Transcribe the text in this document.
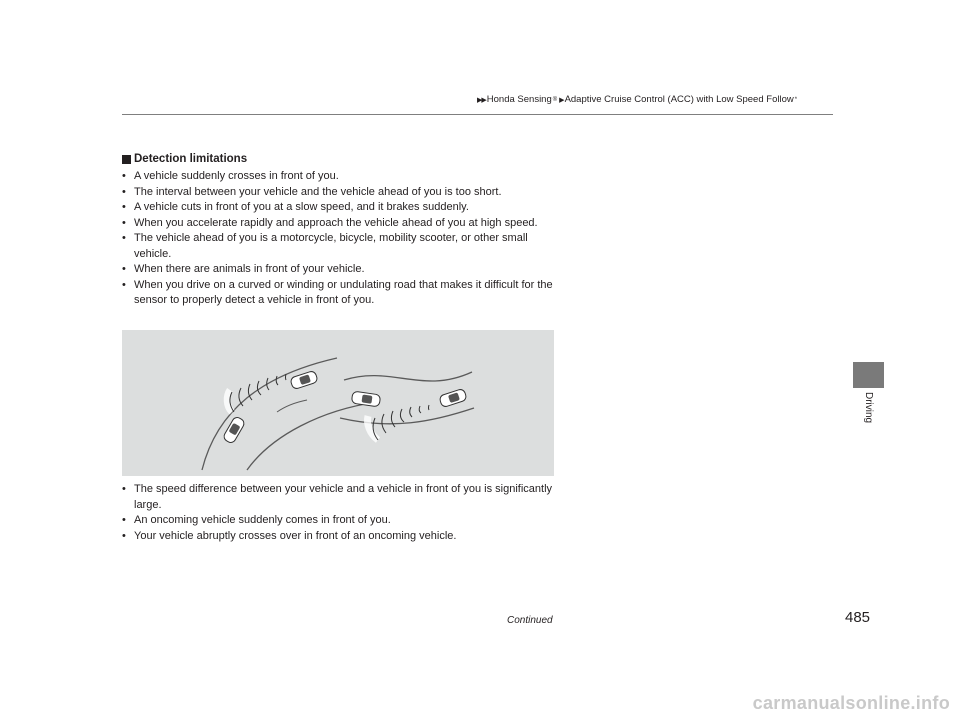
▶▶ Honda Sensing ® ▶ Adaptive Cruise Control (ACC) with Low Speed Follow *
Driving
Detection limitations
• A vehicle suddenly crosses in front of you.
• The interval between your vehicle and the vehicle ahead of you is too short.
• A vehicle cuts in front of you at a slow speed, and it brakes suddenly.
• When you accelerate rapidly and approach the vehicle ahead of you at high speed.
• The vehicle ahead of you is a motorcycle, bicycle, mobility scooter, or other small vehicle.
• When there are animals in front of your vehicle.
• When you drive on a curved or winding or undulating road that makes it difficult for the sensor to properly detect a vehicle in front of you.
• The speed difference between your vehicle and a vehicle in front of you is significantly large.
• An oncoming vehicle suddenly comes in front of you.
• Your vehicle abruptly crosses over in front of an oncoming vehicle.
Continued	485
carmanualsonline.info
